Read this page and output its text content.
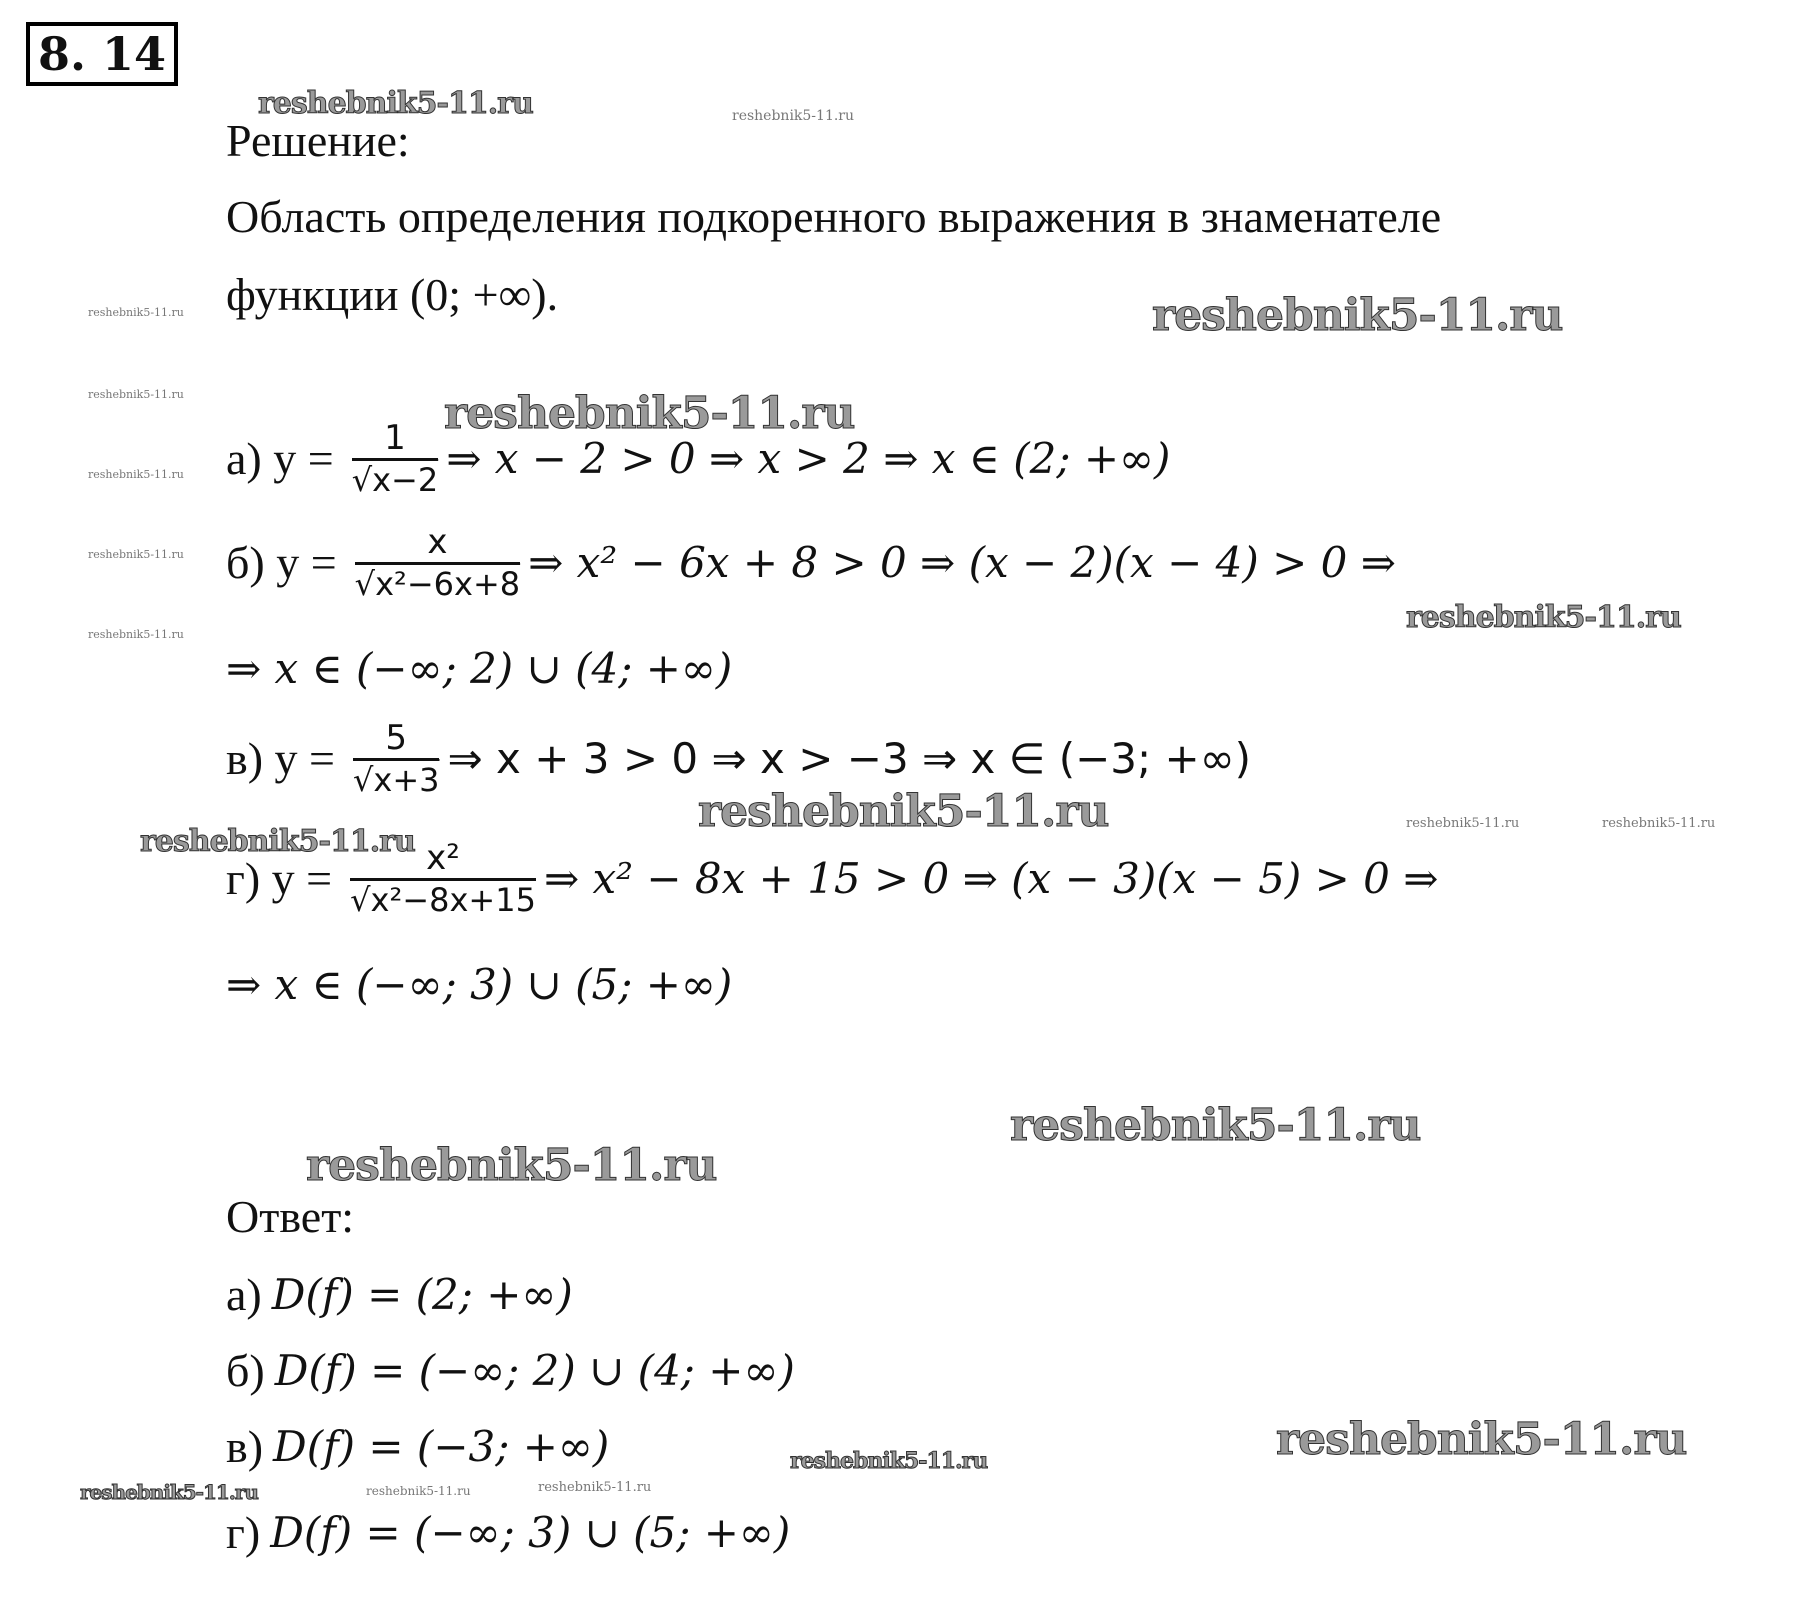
8. 14
reshebnik5-11.ru	reshebnik5-11.ru
reshebnik5-11.ru	reshebnik5-11.ru
reshebnik5-11.ru	reshebnik5-11.ru
reshebnik5-11.ru
reshebnik5-11.ru
reshebnik5-11.ru	reshebnik5-11.ru
reshebnik5-11.ru
reshebnik5-11.ru
reshebnik5-11.ru	reshebnik5-11.ru
reshebnik5-11.ru
reshebnik5-11.ru
reshebnik5-11.ru
reshebnik5-11.ru
reshebnik5-11.ru	reshebnik5-11.ru	reshebnik5-11.ru
Решение:
Область определения подкоренного выражения в знаменателе
функции (0; +∞).
а) $y = \frac{1}{√x-2}$ ⇒ x − 2 > 0 ⇒ x > 2 ⇒ x ∈ (2; +∞)
б) $y = \frac{x}{\text{√x²−6x+8}}$ ⇒ x² − 6x + 8 > 0 ⇒ (x − 2)(x − 4) > 0 ⇒
⇒ x ∈ (−∞; 2) ∪ (4; +∞)
в) $y = \frac{5}{√x+3}$ ⇒ x + 3 > 0 ⇒ x > −3 ⇒ x ∈ (−3; +∞)
г) $y = \frac{\text{x²}}{\text{√x²−8x+15}}$ ⇒ x² − 8x + 15 > 0 ⇒ (x − 3)(x − 5) > 0 ⇒
⇒ x ∈ (−∞; 3) ∪ (5; +∞)
Ответ:
а) D(f) = (2; +∞)
б) D(f) = (−∞; 2) ∪ (4; +∞)
в) D(f) = (−3; +∞)
г) D(f) = (−∞; 3) ∪ (5; +∞)
